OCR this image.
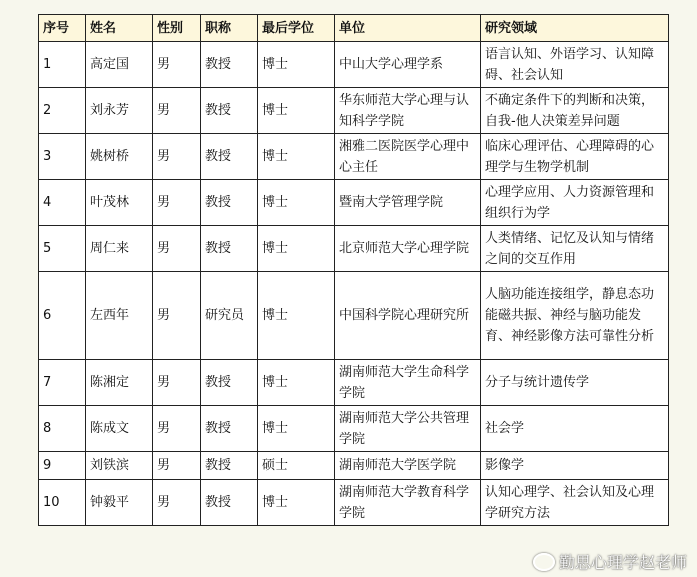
序号	姓名	性别	职称	最后学位	单位	研究领域
1	高定国	男	教授	博士	中山大学心理学系	语言认知、外语学习、认知障碍、社会认知
2	刘永芳	男	教授	博士	华东师范大学心理与认知科学学院	不确定条件下的判断和决策，自我-他人决策差异问题
3	姚树桥	男	教授	博士	湘雅二医院医学心理中心主任	临床心理评估、心理障碍的心理学与生物学机制
4	叶茂林	男	教授	博士	暨南大学管理学院	心理学应用、人力资源管理和组织行为学
5	周仁来	男	教授	博士	北京师范大学心理学院	人类情绪、记忆及认知与情绪之间的交互作用
6	左西年	男	研究员	博士	中国科学院心理研究所	人脑功能连接组学，静息态功能磁共振、神经与脑功能发育、神经影像方法可靠性分析
7	陈湘定	男	教授	博士	湖南师范大学生命科学学院	分子与统计遗传学
8	陈成文	男	教授	博士	湖南师范大学公共管理学院	社会学
9	刘铁滨	男	教授	硕士	湖南师范大学医学院	影像学
10	钟毅平	男	教授	博士	湖南师范大学教育科学学院	认知心理学、社会认知及心理学研究方法
勤思心理学赵老师
